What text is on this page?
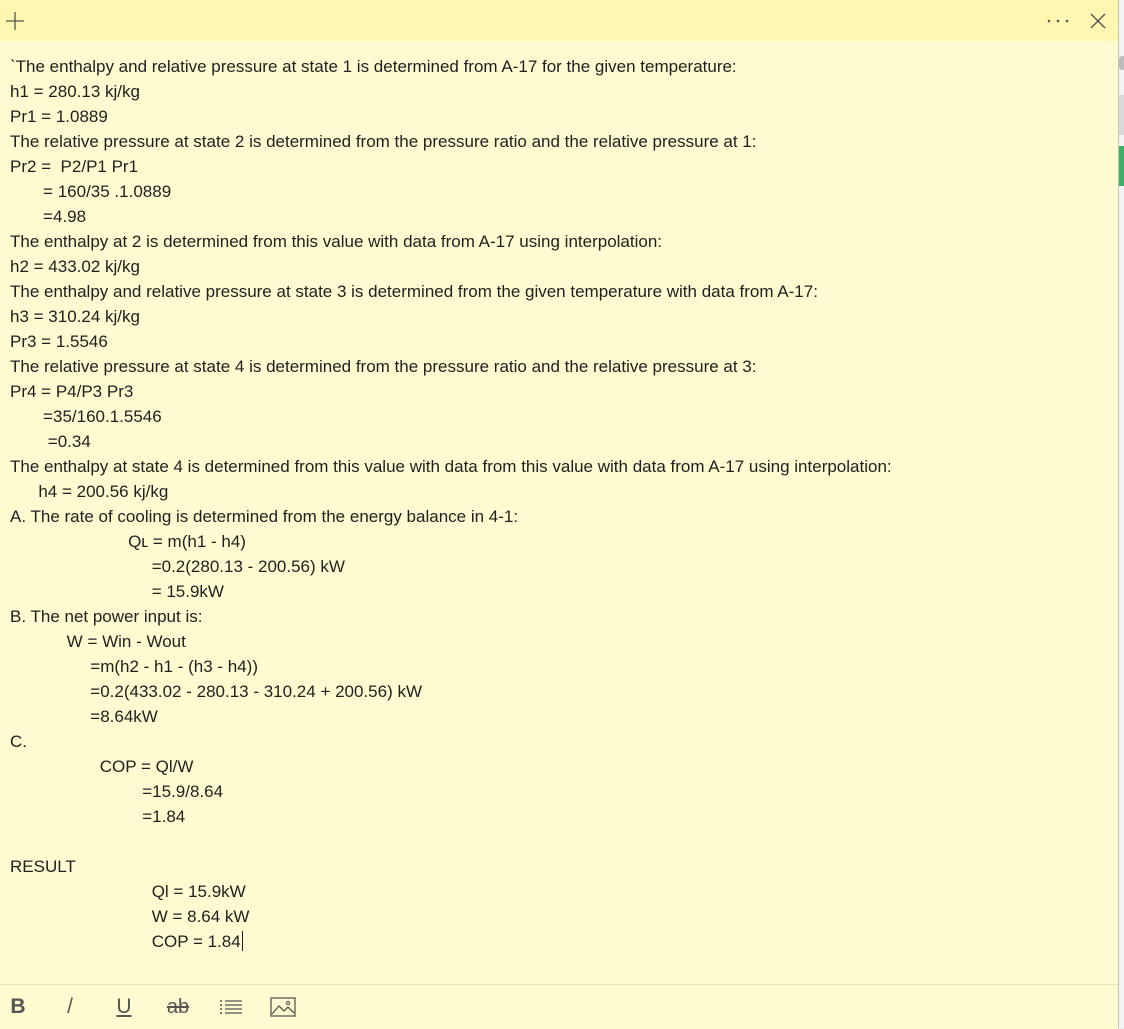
`The enthalpy and relative pressure at state 1 is determined from A-17 for the given temperature:
h1 = 280.13 kj/kg
Pr1 = 1.0889
The relative pressure at state 2 is determined from the pressure ratio and the relative pressure at 1:
Pr2 =  P2/P1 Pr1
= 160/35 .1.0889
=4.98
The enthalpy at 2 is determined from this value with data from A-17 using interpolation:
h2 = 433.02 kj/kg
The enthalpy and relative pressure at state 3 is determined from the given temperature with data from A-17:
h3 = 310.24 kj/kg
Pr3 = 1.5546
The relative pressure at state 4 is determined from the pressure ratio and the relative pressure at 3:
Pr4 = P4/P3 Pr3
=35/160.1.5546
=0.34
The enthalpy at state 4 is determined from this value with data from this value with data from A-17 using interpolation:
h4 = 200.56 kj/kg
A. The rate of cooling is determined from the energy balance in 4-1:
Qʟ = m(h1 - h4)
=0.2(280.13 - 200.56) kW
= 15.9kW
B. The net power input is:
W = Win - Wout
=m(h2 - h1 - (h3 - h4))
=0.2(433.02 - 280.13 - 310.24 + 200.56) kW
=8.64kW
C.
COP = Ql/W
=15.9/8.64
=1.84
RESULT
Ql = 15.9kW
W = 8.64 kW
COP = 1.84
B	/	U	ab
